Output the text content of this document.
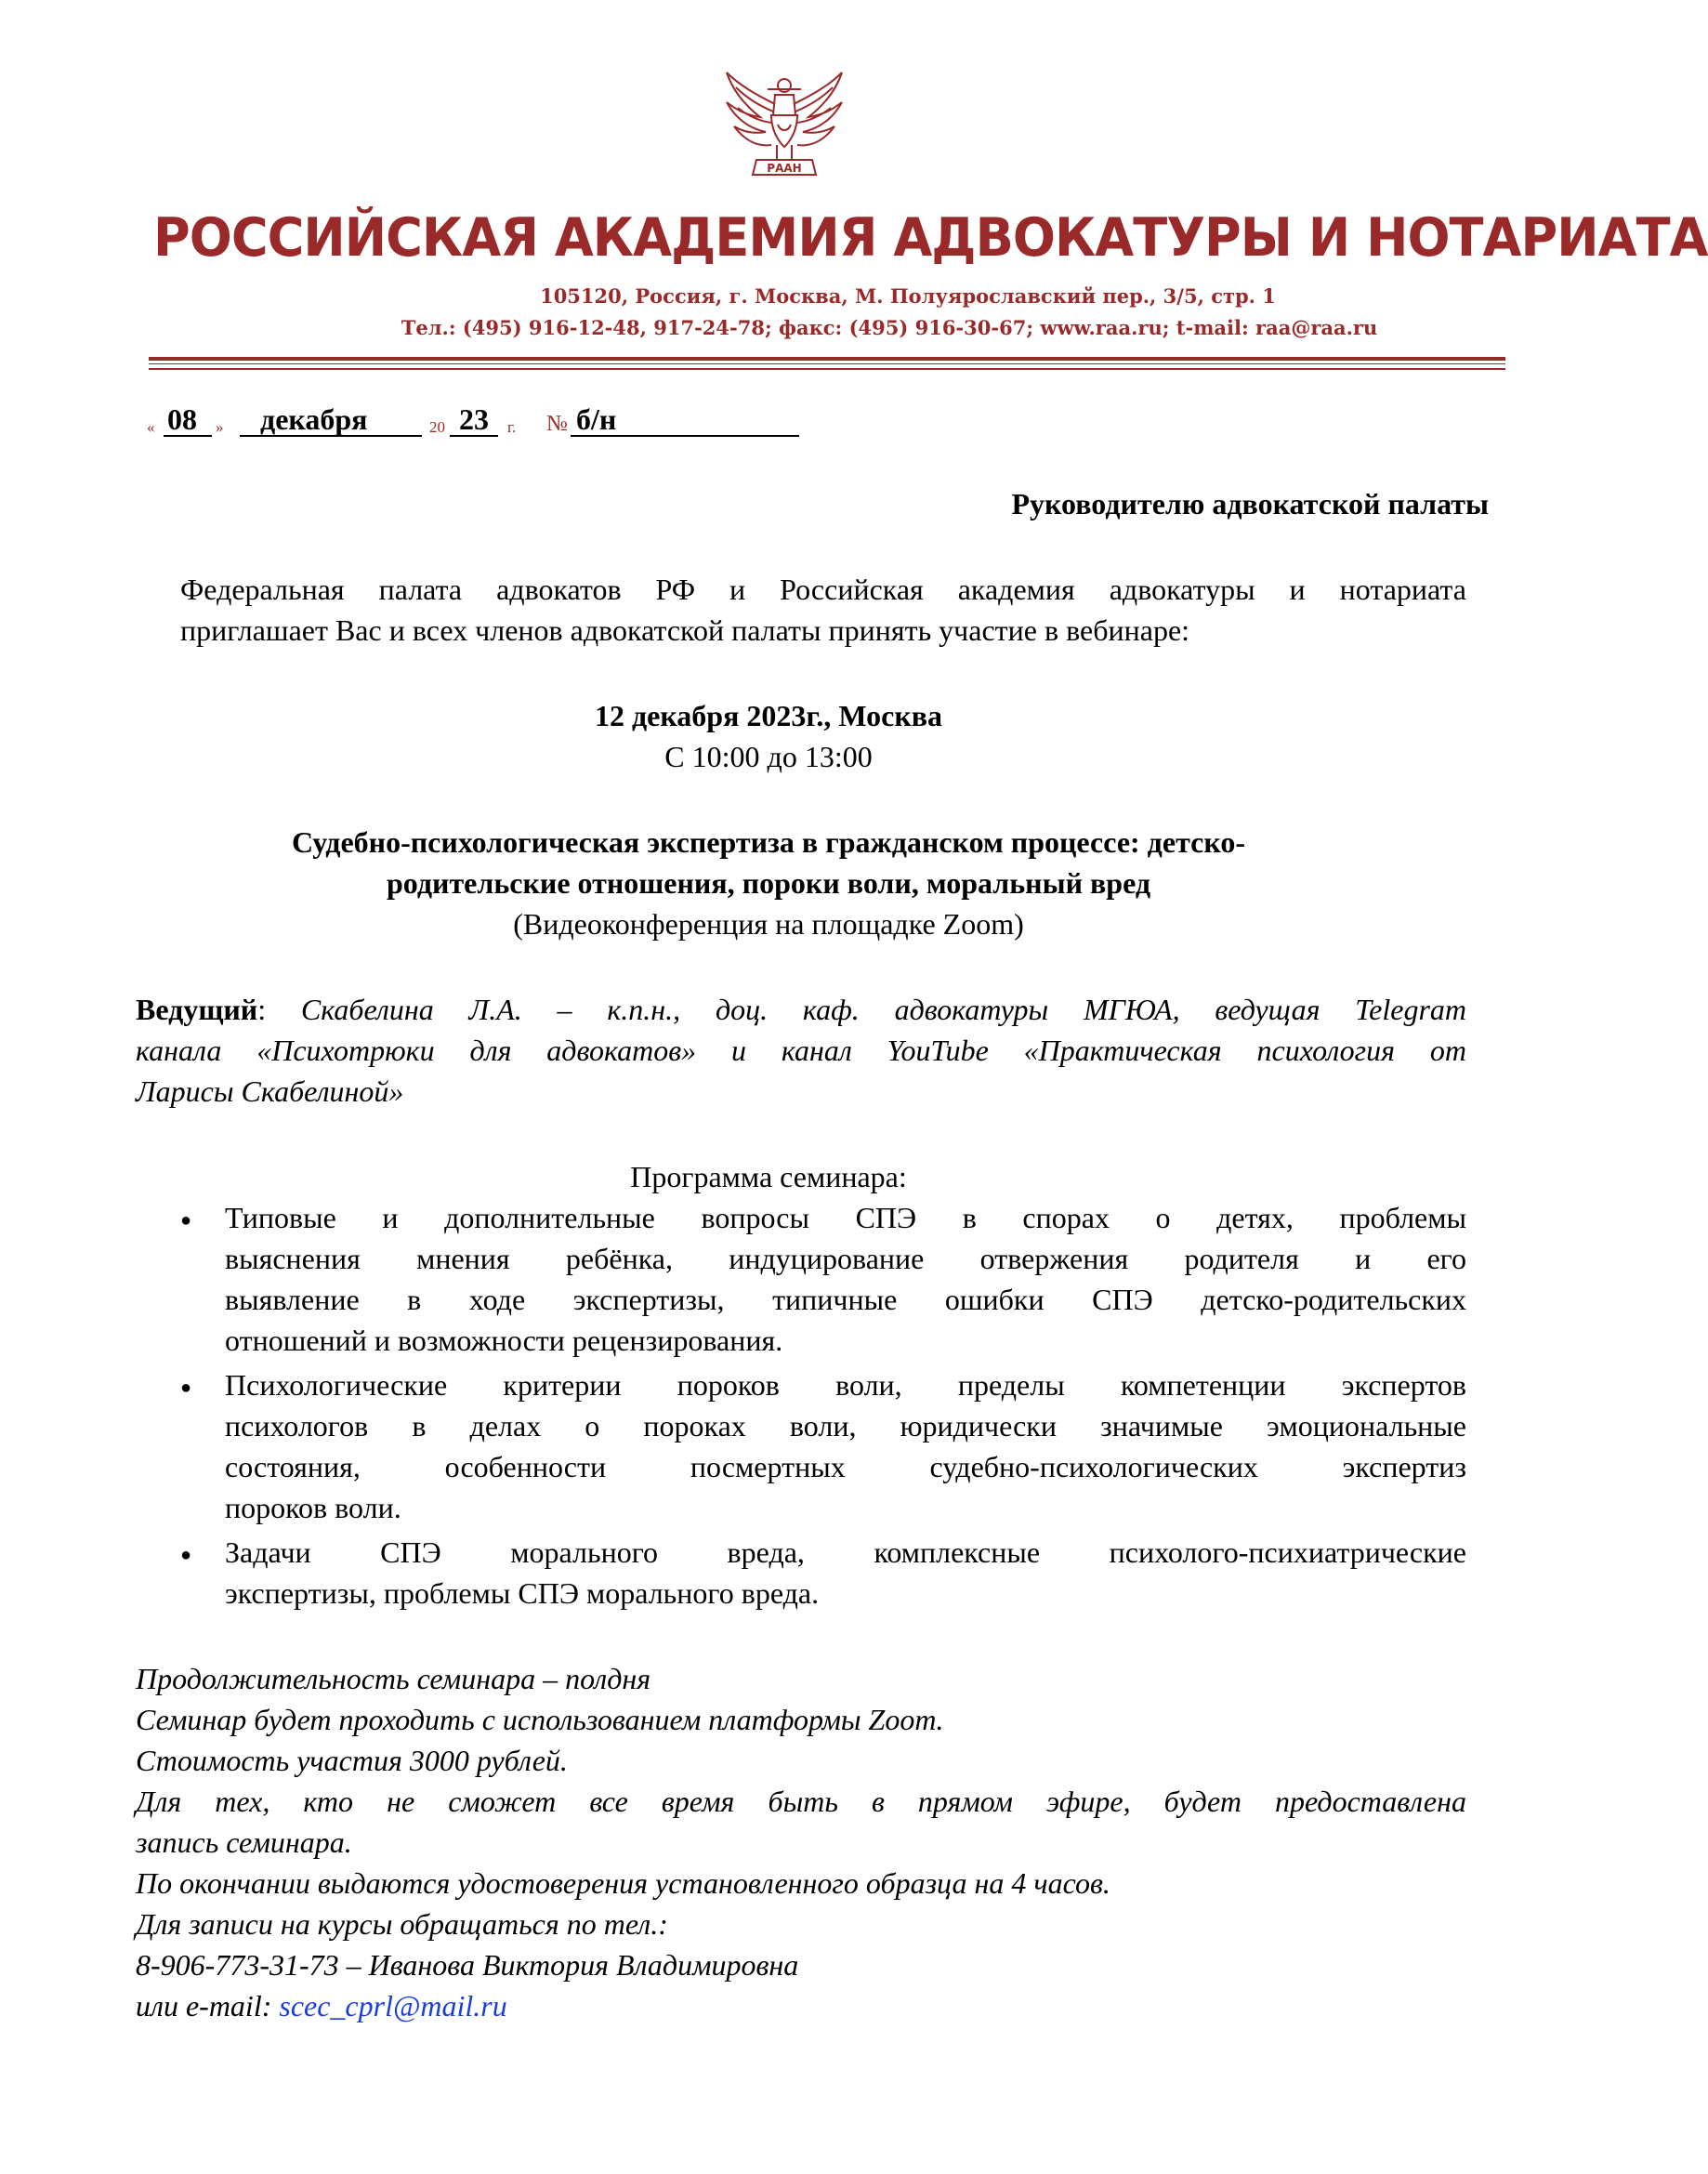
РААН
РОССИЙСКАЯ АКАДЕМИЯ АДВОКАТУРЫ И НОТАРИАТА
105120, Россия, г. Москва, М. Полуярославский пер., 3/5, стр. 1
Тел.: (495) 916-12-48, 917-24-78; факс: (495) 916-30-67; www.raa.ru; t-mail: raa@raa.ru
« 08 » декабря	20 23 г. № б/н

Руководителю адвокатской палаты

Федеральная палата адвокатов РФ и Российская академия адвокатуры и нотариата

приглашает Вас и всех членов адвокатской палаты принять участие в вебинаре:

12 декабря 2023г., Москва

С 10:00 до 13:00

Судебно-психологическая экспертиза в гражданском процессе: детско-

родительские отношения, пороки воли, моральный вред

(Видеоконференция на площадке Zoom)

Ведущий: Скабелина Л.А. – к.п.н., доц. каф. адвокатуры МГЮА, ведущая Telegram

канала «Психотрюки для адвокатов» и канал YouTube «Практическая психология от

Ларисы Скабелиной»

Программа семинара:

● Типовые и дополнительные вопросы СПЭ в спорах о детях, проблемы

выяснения мнения ребёнка, индуцирование отвержения родителя и его

выявление в ходе экспертизы, типичные ошибки СПЭ детско-родительских

отношений и возможности рецензирования.

● Психологические критерии пороков воли, пределы компетенции экспертов

психологов в делах о пороках воли, юридически значимые эмоциональные

состояния, особенности посмертных судебно-психологических экспертиз

пороков воли.

● Задачи СПЭ морального вреда, комплексные психолого-психиатрические

экспертизы, проблемы СПЭ морального вреда.

Продолжительность семинара – полдня

Семинар будет проходить с использованием платформы Zoom.

Стоимость участия 3000 рублей.

Для тех, кто не сможет все время быть в прямом эфире, будет предоставлена

запись семинара.

По окончании выдаются удостоверения установленного образца на 4 часов.

Для записи на курсы обращаться по тел.:

8-906-773-31-73 – Иванова Виктория Владимировна

или e-mail: scec_cprl@mail.ru
